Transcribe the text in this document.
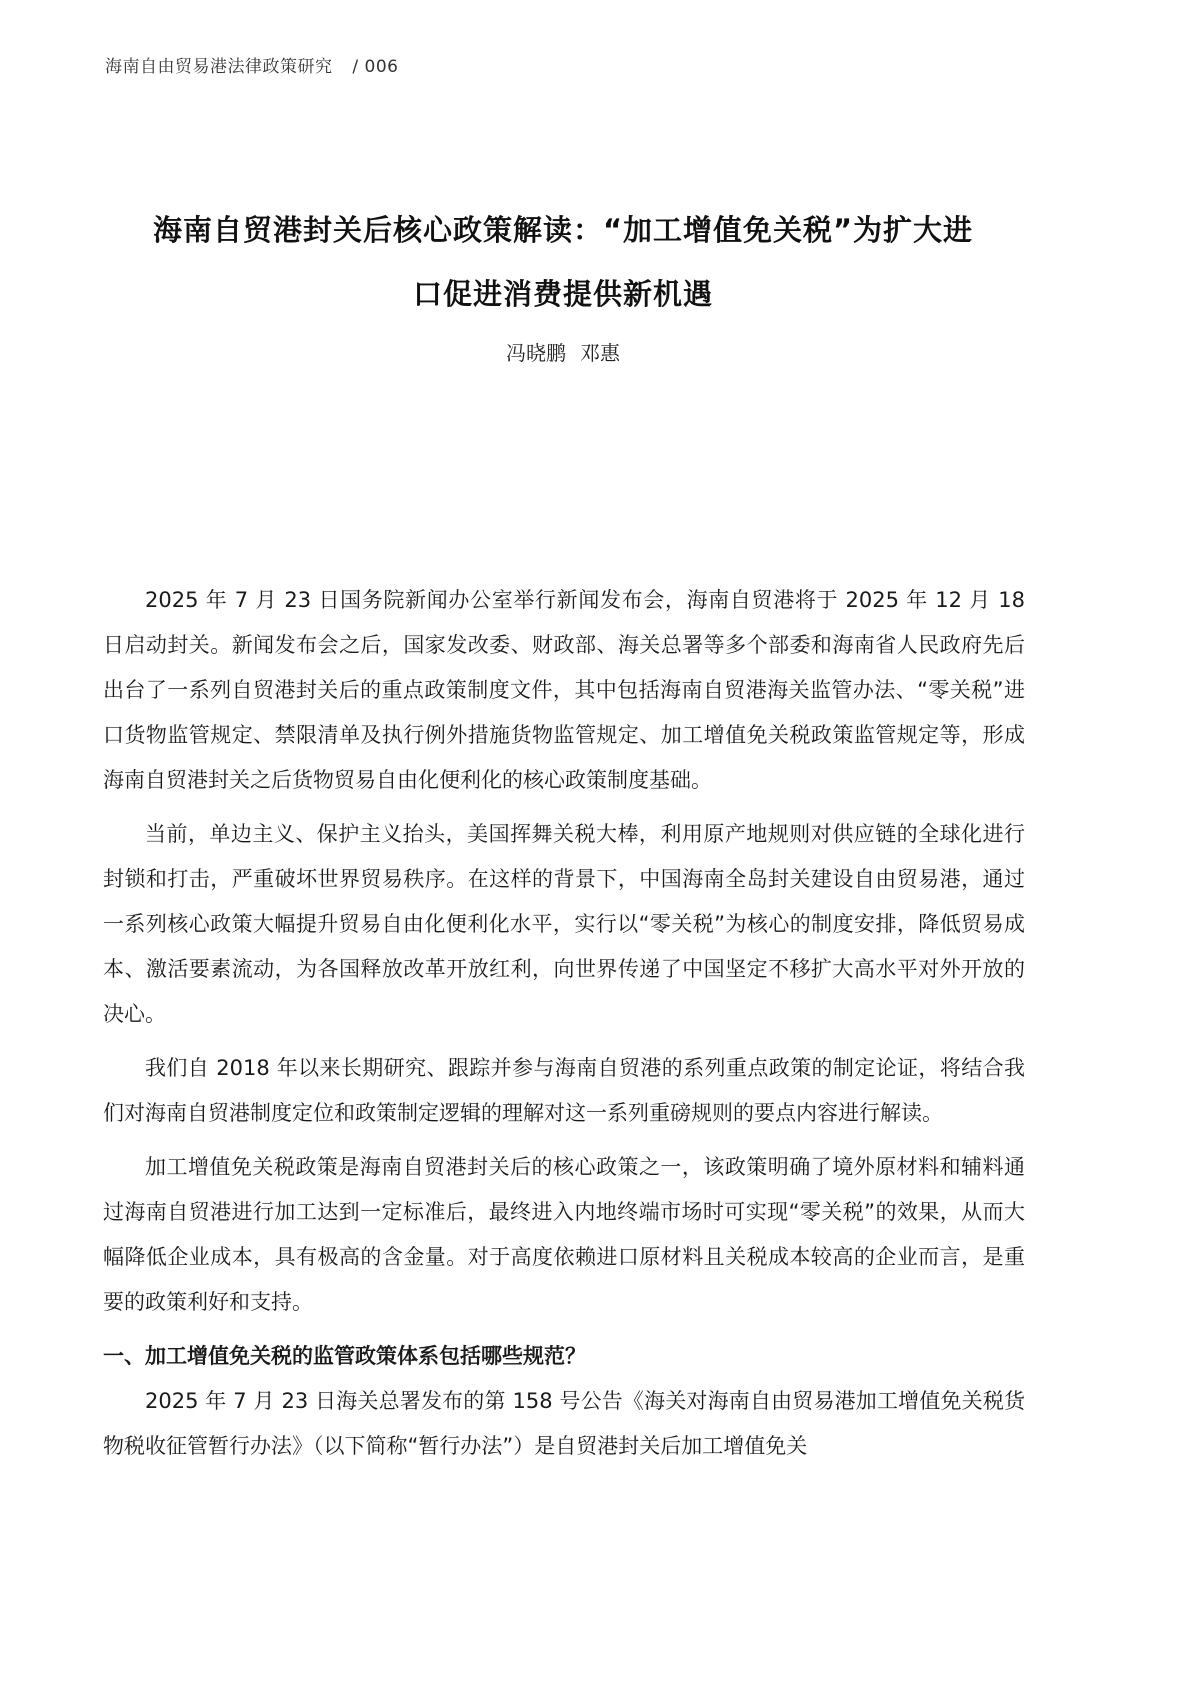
海南自由贸易港法律政策研究 / 006
海南自贸港封关后核心政策解读：“加工增值免关税”为扩大进
口促进消费提供新机遇
冯晓鹏 邓惠

2025 年 7 月 23 日国务院新闻办公室举行新闻发布会，海南自贸港将于 2025 年 12 月 18 日启动封关。新闻发布会之后，国家发改委、财政部、海关总署等多个部委和海南省人民政府先后出台了一系列自贸港封关后的重点政策制度文件，其中包括海南自贸港海关监管办法、“零关税”进口货物监管规定、禁限清单及执行例外措施货物监管规定、加工增值免关税政策监管规定等，形成海南自贸港封关之后货物贸易自由化便利化的核心政策制度基础。

当前，单边主义、保护主义抬头，美国挥舞关税大棒，利用原产地规则对供应链的全球化进行封锁和打击，严重破坏世界贸易秩序。在这样的背景下，中国海南全岛封关建设自由贸易港，通过一系列核心政策大幅提升贸易自由化便利化水平，实行以“零关税”为核心的制度安排，降低贸易成本、激活要素流动，为各国释放改革开放红利，向世界传递了中国坚定不移扩大高水平对外开放的决心。

我们自 2018 年以来长期研究、跟踪并参与海南自贸港的系列重点政策的制定论证，将结合我们对海南自贸港制度定位和政策制定逻辑的理解对这一系列重磅规则的要点内容进行解读。

加工增值免关税政策是海南自贸港封关后的核心政策之一，该政策明确了境外原材料和辅料通过海南自贸港进行加工达到一定标准后，最终进入内地终端市场时可实现“零关税”的效果，从而大幅降低企业成本，具有极高的含金量。对于高度依赖进口原材料且关税成本较高的企业而言，是重要的政策利好和支持。

一、加工增值免关税的监管政策体系包括哪些规范？

2025 年 7 月 23 日海关总署发布的第 158 号公告《海关对海南自由贸易港加工增值免关税货物税收征管暂行办法》（以下简称“暂行办法”）是自贸港封关后加工增值免关
